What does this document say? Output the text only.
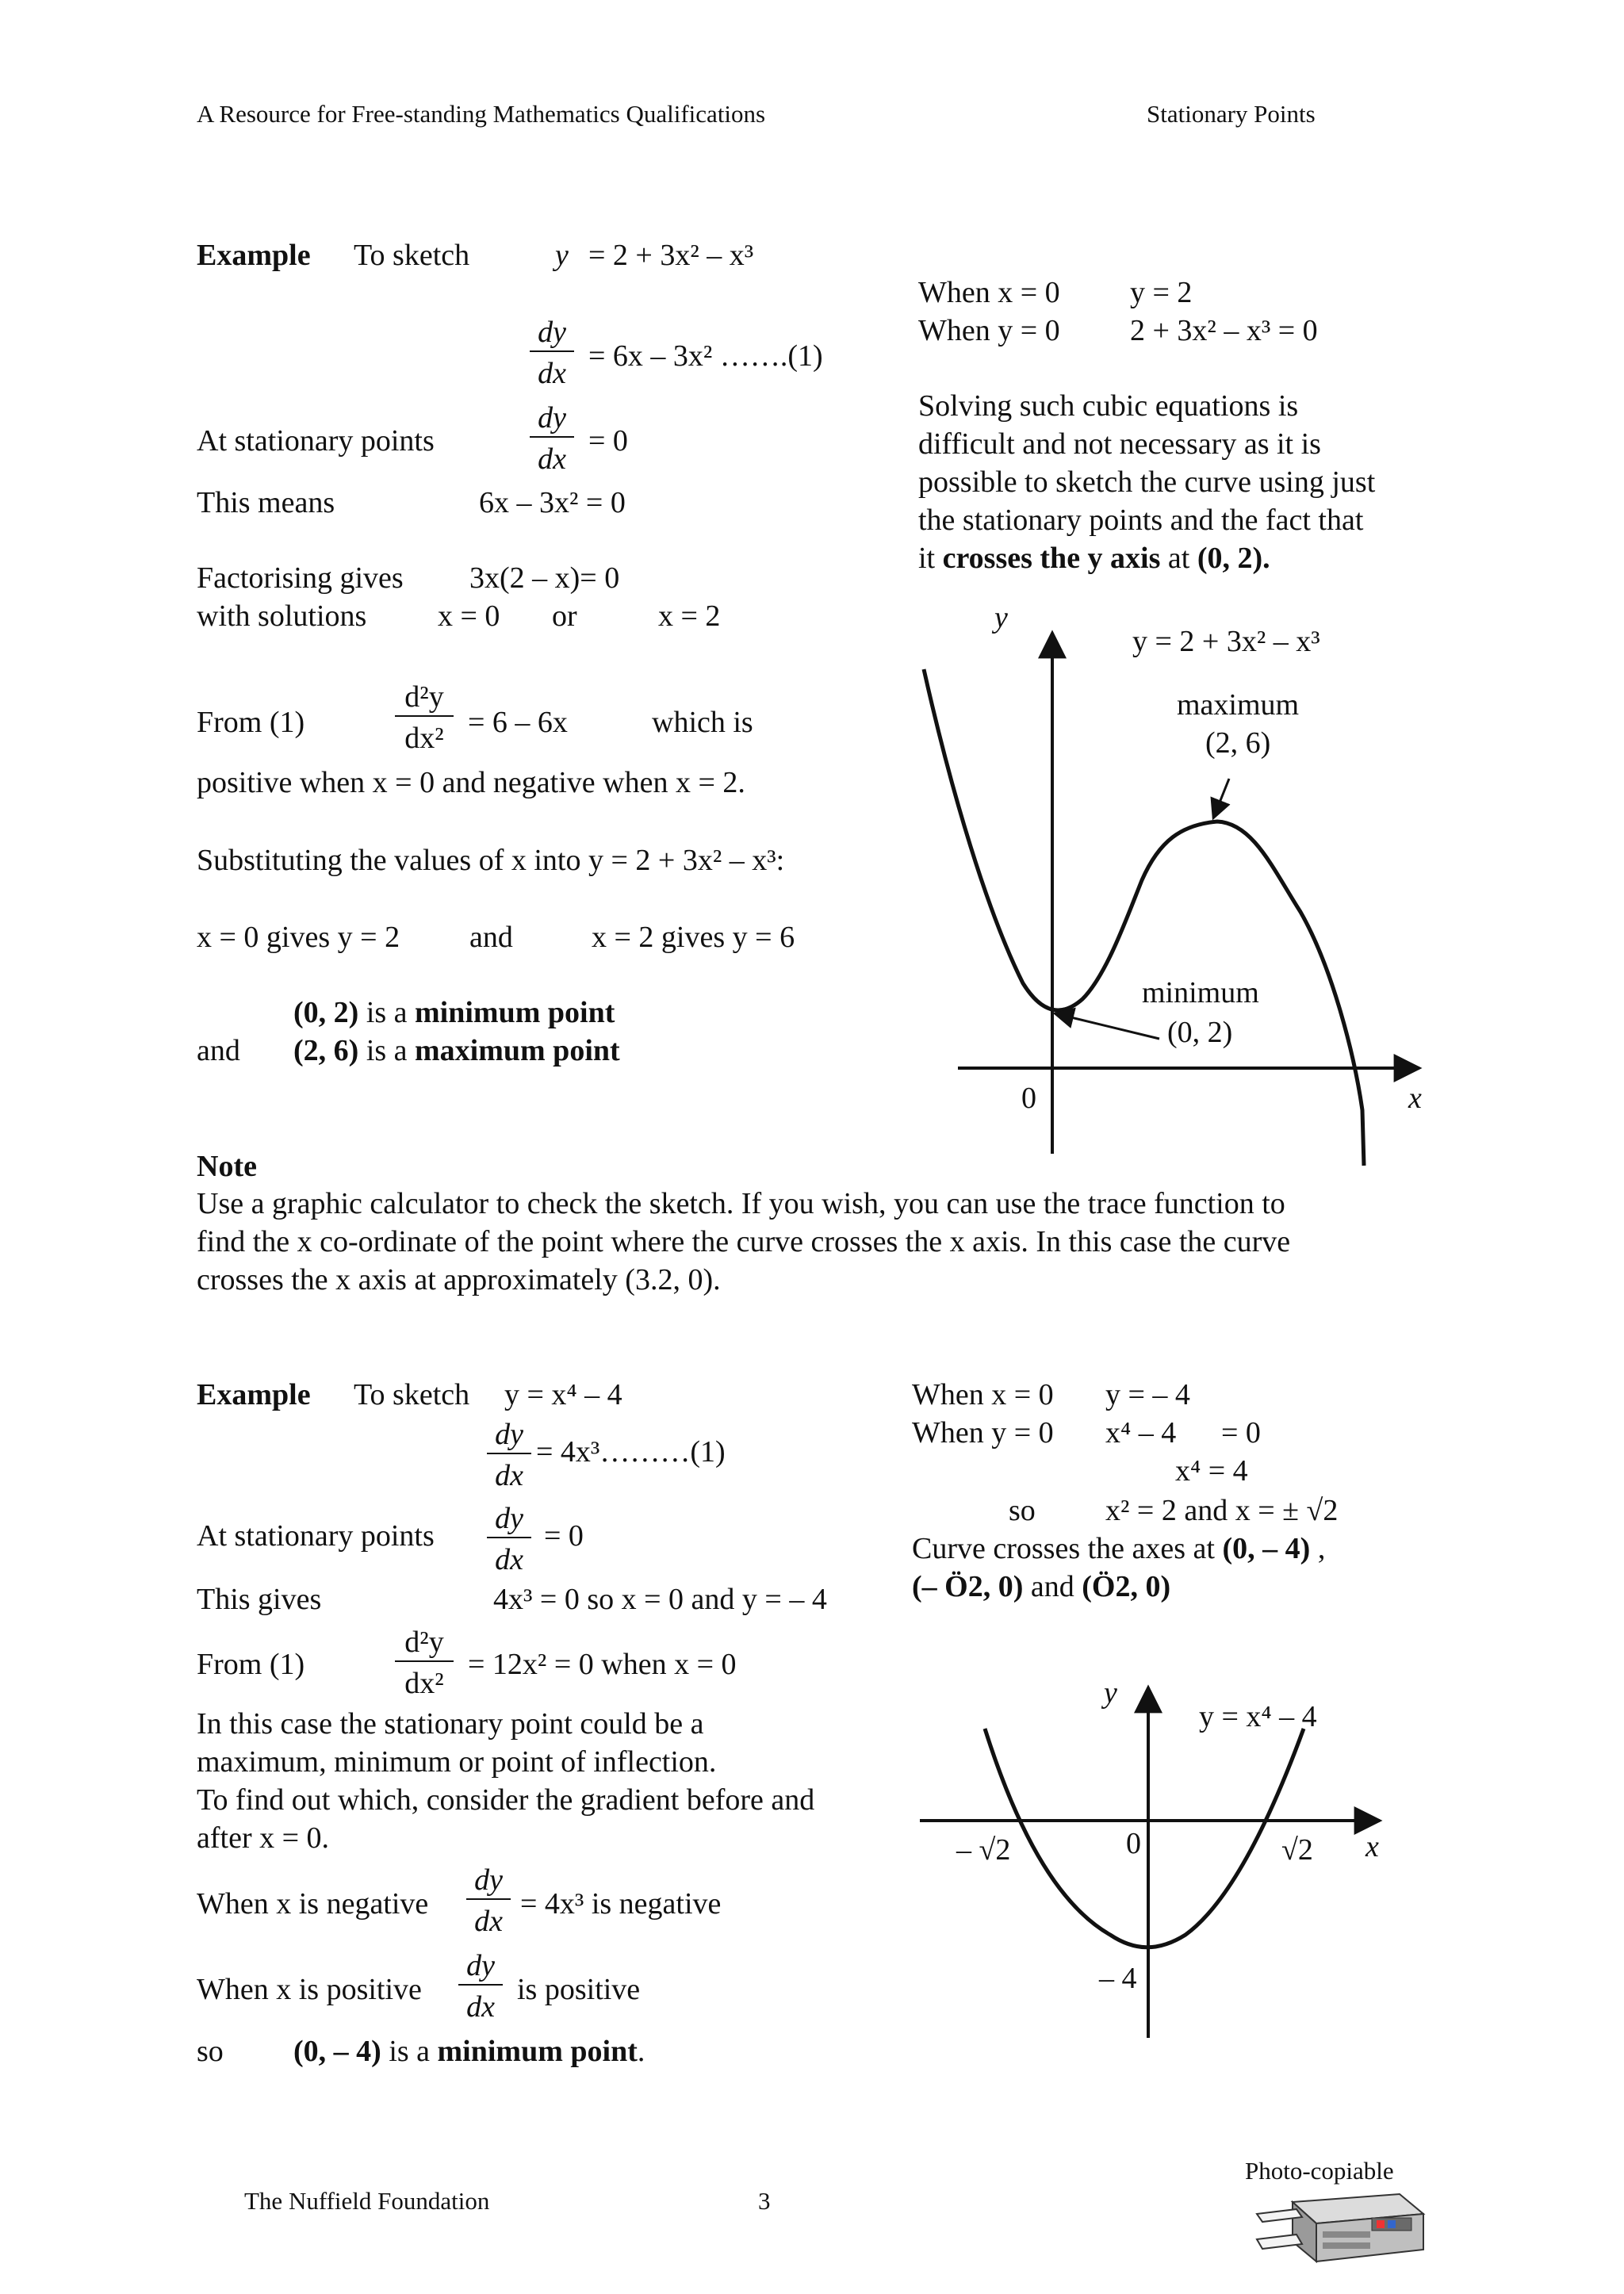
A Resource for Free-standing Mathematics Qualifications	Stationary Points
Example To sketch	y = 2 + 3x² – x³
dy
dx
= 6x – 3x² …….(1)
At stationary points
dy
dx
= 0
This means	6x – 3x² = 0
Factorising gives 3x(2 – x)= 0
with solutions x = 0 or	x = 2
From (1)
d²y
dx² = 6 – 6x	which is
positive when x = 0 and negative when x = 2.
Substituting the values of x into y = 2 + 3x² – x³:
x = 0 gives y = 2 and	x = 2 gives y = 6
(0, 2) is a minimum point
and (2, 6) is a maximum point
When x = 0 y = 2
When y = 0 2 + 3x² – x³ = 0
Solving such cubic equations is
difficult and not necessary as it is
possible to sketch the curve using just
the stationary points and the fact that
it crosses the y axis at (0, 2).
y
y = 2 + 3x² – x³
maximum
(2, 6)
minimum
(0, 2)
0	x
Note
Use a graphic calculator to check the sketch. If you wish, you can use the trace function to
find the x co-ordinate of the point where the curve crosses the x axis. In this case the curve
crosses the x axis at approximately (3.2, 0).
Example To sketch y = x⁴ – 4
dy
dx
= 4x³………(1)
At stationary points
dy
dx
= 0
This gives	4x³ = 0 so x = 0 and y = – 4
From (1)
d²y
dx²
= 12x² = 0 when x = 0
In this case the stationary point could be a
maximum, minimum or point of inflection.
To find out which, consider the gradient before and
after x = 0.
When x is negative
dy
dx
= 4x³ is negative
When x is positive
dy
dx
is positive
so (0, – 4) is a minimum point.
When x = 0 y = – 4
When y = 0 x⁴ – 4 = 0
x⁴ = 4
so x² = 2 and x = ± √2
Curve crosses the axes at (0, – 4) ,
(– Ö2, 0) and (Ö2, 0)
y
y = x⁴ – 4
– √2	0	√2 x
– 4
The Nuffield Foundation	3
Photo-copiable
